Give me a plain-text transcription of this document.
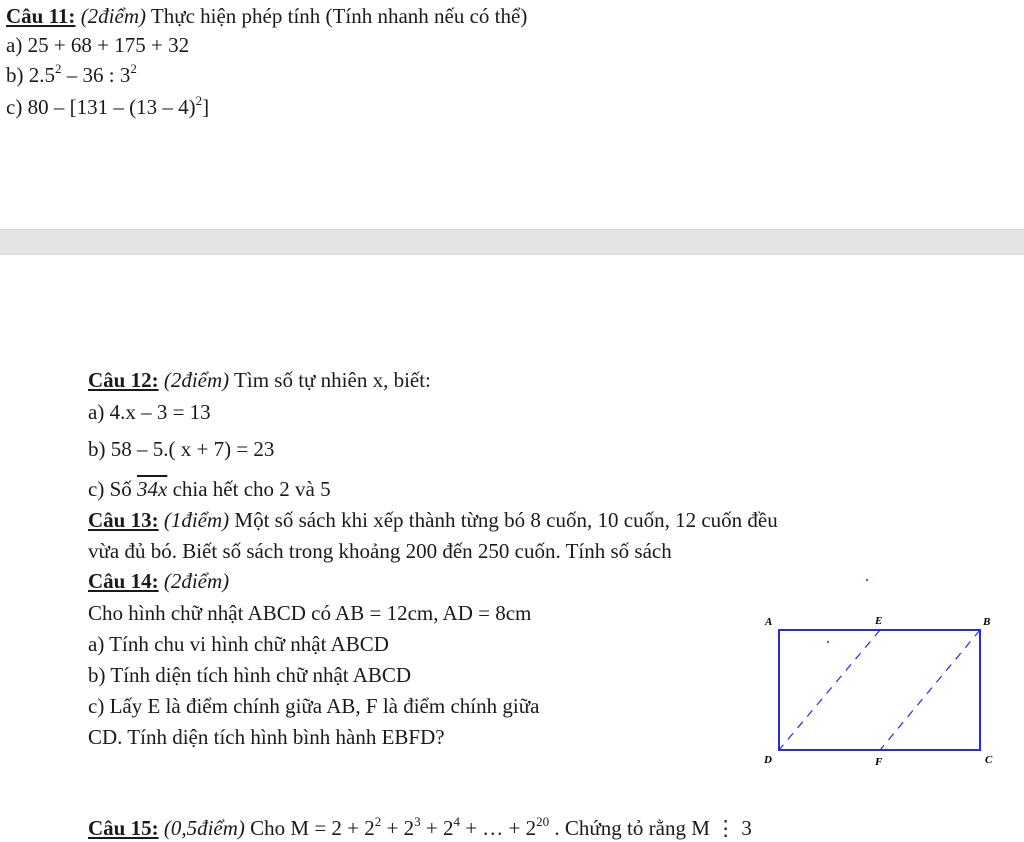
Câu 11: (2điểm) Thực hiện phép tính (Tính nhanh nếu có thể)
a) 25 + 68 + 175 + 32
b) $2.5^2 - 36$ : $3^2$
c) 80 – [131 – (13 – 4)$^2$]
Câu 12: (2điểm) Tìm số tự nhiên x, biết:
a) 4.x – 3 = 13
b) 58 – 5.( x + 7) = 23
c) Số 34x chia hết cho 2 và 5
Câu 13: (1điểm) Một số sách khi xếp thành từng bó 8 cuốn, 10 cuốn, 12 cuốn đều
vừa đủ bó. Biết số sách trong khoảng 200 đến 250 cuốn. Tính số sách
Câu 14: (2điểm)
Cho hình chữ nhật ABCD có AB = 12cm, AD = 8cm
a) Tính chu vi hình chữ nhật ABCD
b) Tính diện tích hình chữ nhật ABCD
c) Lấy E là điểm chính giữa AB, F là điểm chính giữa
CD. Tính diện tích hình bình hành EBFD?
A	E	B
D	F	C
Câu 15: (0,5điểm) Cho $M = 2 + 2^2 + 2^3 + 2^4$ + … + $2^{20}$ . Chứng tỏ rằng M ⋮ 3
